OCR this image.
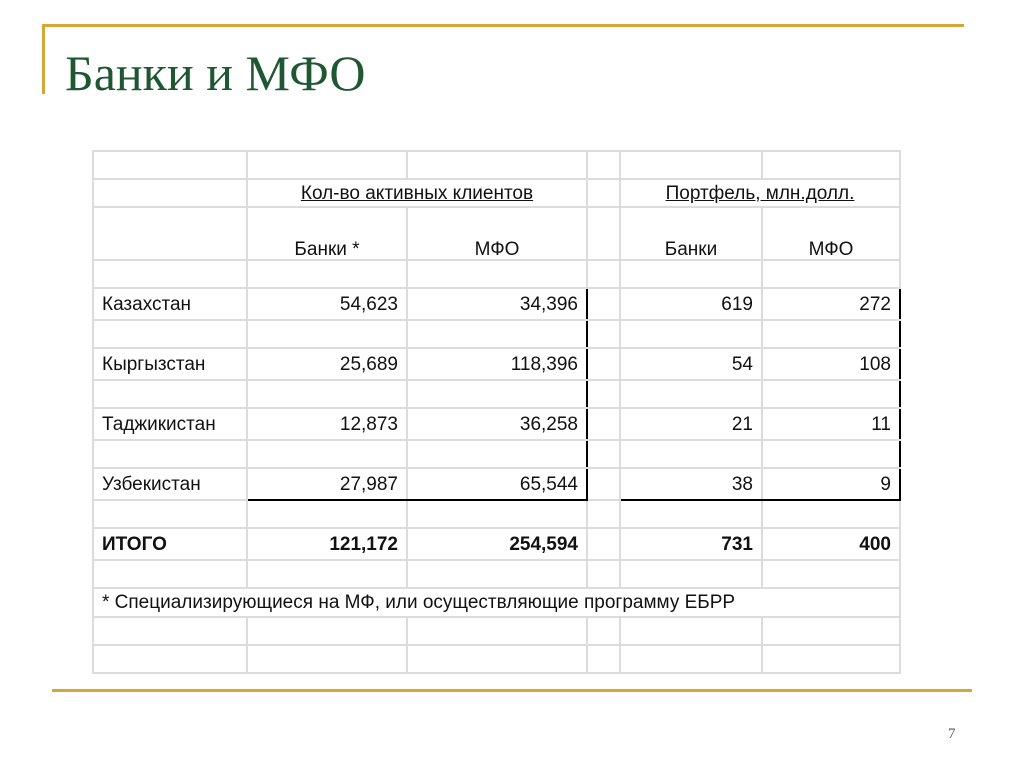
Банки и МФО

	Кол-во активных клиентов			Портфель, млн.долл.	
	Банки *	МФО		Банки	МФО

Казахстан	54,623	34,396		619	272

Кыргызстан	25,689	118,396		54	108

Таджикистан	12,873	36,258		21	11

Узбекистан	27,987	65,544		38	9

ИТОГО	121,172	254,594		731	400

* Специализирующиеся на МФ, или осуществляющие программу ЕБРР					

7
